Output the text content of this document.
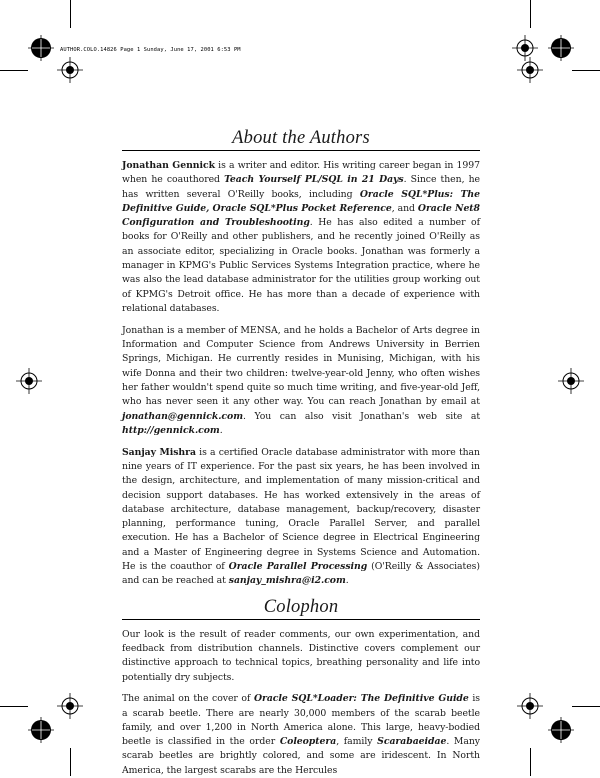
AUTHOR.COLO.14826 Page 1 Sunday, June 17, 2001 6:53 PM
About the Authors

Jonathan Gennick is a writer and editor. His writing career began in 1997 when he coauthored Teach Yourself PL/SQL in 21 Days. Since then, he has written several O'Reilly books, including Oracle SQL*Plus: The Definitive Guide, Oracle SQL*Plus Pocket Reference, and Oracle Net8 Configuration and Troubleshooting. He has also edited a number of books for O'Reilly and other publishers, and he recently joined O'Reilly as an associate editor, specializing in Oracle books. Jonathan was formerly a manager in KPMG's Public Services Systems Integration practice, where he was also the lead database administrator for the utilities group working out of KPMG's Detroit office. He has more than a decade of experience with relational databases.

Jonathan is a member of MENSA, and he holds a Bachelor of Arts degree in Information and Computer Science from Andrews University in Berrien Springs, Michigan. He currently resides in Munising, Michigan, with his wife Donna and their two children: twelve-year-old Jenny, who often wishes her father wouldn't spend quite so much time writing, and five-year-old Jeff, who has never seen it any other way. You can reach Jonathan by email at jonathan@gennick.com. You can also visit Jonathan's web site at http://gennick.com.

Sanjay Mishra is a certified Oracle database administrator with more than nine years of IT experience. For the past six years, he has been involved in the design, architecture, and implementation of many mission-critical and decision support databases. He has worked extensively in the areas of database architecture, database management, backup/recovery, disaster planning, performance tuning, Oracle Parallel Server, and parallel execution. He has a Bachelor of Science degree in Electrical Engineering and a Master of Engineering degree in Systems Science and Automation. He is the coauthor of Oracle Parallel Processing (O'Reilly & Associates) and can be reached at sanjay_mishra@i2.com.

Colophon

Our look is the result of reader comments, our own experimentation, and feedback from distribution channels. Distinctive covers complement our distinctive approach to technical topics, breathing personality and life into potentially dry subjects.

The animal on the cover of Oracle SQL*Loader: The Definitive Guide is a scarab beetle. There are nearly 30,000 members of the scarab beetle family, and over 1,200 in North America alone. This large, heavy-bodied beetle is classified in the order Coleoptera, family Scarabaeidae. Many scarab beetles are brightly colored, and some are iridescent. In North America, the largest scarabs are the Hercules
